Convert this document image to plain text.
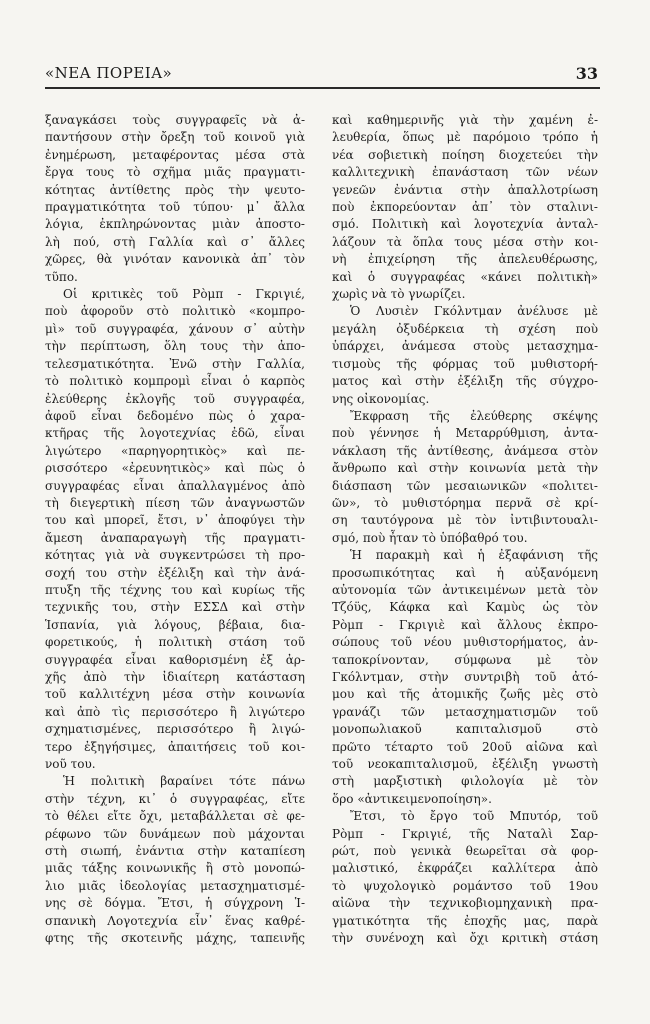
«ΝΕΑ ΠΟΡΕΙΑ»	33
ξαναγκάσει τοὺς συγγραφεῖς νὰ ἀ-
παντήσουν στὴν ὄρεξη τοῦ κοινοῦ γιὰ
ἐνημέρωση, μεταφέροντας μέσα στὰ
ἔργα τους τὸ σχῆμα μιᾶς πραγματι-
κότητας ἀντίθετης πρὸς τὴν ψευτο-
πραγματικότητα τοῦ τύπου· μ᾽ ἄλλα
λόγια, ἐκπληρώνοντας μιὰν ἀποστο-
λὴ πού, στὴ Γαλλία καὶ σ᾽ ἄλλες
χῶρες, θὰ γινόταν κανονικὰ ἀπ᾽ τὸν
τῦπο.
Οἱ κριτικὲς τοῦ Ρὸμπ - Γκριγιέ,
ποὺ ἀφοροῦν στὸ πολιτικὸ «κομπρο-
μὶ» τοῦ συγγραφέα, χάνουν σ᾽ αὐτὴν
τὴν περίπτωση, ὅλη τους τὴν ἀπο-
τελεσματικότητα. Ἐνῶ στὴν Γαλλία,
τὸ πολιτικὸ κομπρομὶ εἶναι ὁ καρπὸς
ἐλεύθερης ἐκλογῆς τοῦ συγγραφέα,
ἀφοῦ εἶναι δεδομένο πὼς ὁ χαρα-
κτῆρας τῆς λογοτεχνίας ἐδῶ, εἶναι
λιγώτερο «παρηγορητικὸς» καὶ πε-
ρισσότερο «ἐρευνητικὸς» καὶ πὼς ὁ
συγγραφέας εἶναι ἀπαλλαγμένος ἀπὸ
τὴ διεγερτικὴ πίεση τῶν ἀναγνωστῶν
του καὶ μπορεῖ, ἔτσι, ν᾽ ἀποφύγει τὴν
ἄμεση ἀναπαραγωγὴ τῆς πραγματι-
κότητας γιὰ νὰ συγκεντρώσει τὴ προ-
σοχή του στὴν ἐξέλιξη καὶ τὴν ἀνά-
πτυξη τῆς τέχνης του καὶ κυρίως τῆς
τεχνικῆς του, στὴν ΕΣΣΔ καὶ στὴν
Ἱσπανία, γιὰ λόγους, βέβαια, δια-
φορετικούς, ἡ πολιτικὴ στάση τοῦ
συγγραφέα εἶναι καθορισμένη ἐξ ἀρ-
χῆς ἀπὸ τὴν ἰδιαίτερη κατάσταση
τοῦ καλλιτέχνη μέσα στὴν κοινωνία
καὶ ἀπὸ τὶς περισσότερο ἢ λιγώτερο
σχηματισμένες, περισσότερο ἢ λιγώ-
τερο ἐξηγήσιμες, ἀπαιτήσεις τοῦ κοι-
νοῦ του.
Ἡ πολιτικὴ βαραίνει τότε πάνω
στὴν τέχνη, κι᾽ ὁ συγγραφέας, εἴτε
τὸ θέλει εἴτε ὄχι, μεταβάλλεται σὲ φε-
ρέφωνο τῶν δυνάμεων ποὺ μάχονται
στὴ σιωπή, ἐνάντια στὴν καταπίεση
μιᾶς τάξης κοινωνικῆς ἢ στὸ μονοπώ-
λιο μιᾶς ἰδεολογίας μετασχηματισμέ-
νης σὲ δόγμα. Ἔτσι, ἡ σύγχρονη Ἱ-
σπανικὴ Λογοτεχνία εἶν᾽ ἕνας καθρέ-
φτης τῆς σκοτεινῆς μάχης, ταπεινῆς
καὶ καθημερινῆς γιὰ τὴν χαμένη ἐ-
λευθερία, ὅπως μὲ παρόμοιο τρόπο ἡ
νέα σοβιετικὴ ποίηση διοχετεύει τὴν
καλλιτεχνικὴ ἐπανάσταση τῶν νέων
γενεῶν ἐνάντια στὴν ἀπαλλοτρίωση
ποὺ ἐκπορεύονταν ἀπ᾽ τὸν σταλινι-
σμό. Πολιτικὴ καὶ λογοτεχνία ἀνταλ-
λάζουν τὰ ὅπλα τους μέσα στὴν κοι-
νὴ ἐπιχείρηση τῆς ἀπελευθέρωσης,
καὶ ὁ συγγραφέας «κάνει πολιτικὴ»
χωρὶς νὰ τὸ γνωρίζει.
Ὁ Λυσιὲν Γκόλντμαν ἀνέλυσε μὲ
μεγάλη ὀξυδέρκεια τὴ σχέση ποὺ
ὑπάρχει, ἀνάμεσα στοὺς μετασχημα-
τισμοὺς τῆς φόρμας τοῦ μυθιστορή-
ματος καὶ στὴν ἐξέλιξη τῆς σύγχρο-
νης οἰκονομίας.
Ἔκφραση τῆς ἐλεύθερης σκέψης
ποὺ γέννησε ἡ Μεταρρύθμιση, ἀντα-
νάκλαση τῆς ἀντίθεσης, ἀνάμεσα στὸν
ἄνθρωπο καὶ στὴν κοινωνία μετὰ τὴν
διάσπαση τῶν μεσαιωνικῶν «πολιτει-
ῶν», τὸ μυθιστόρημα περνᾶ σὲ κρί-
ση ταυτόγρονα μὲ τὸν ἰντιβιντουαλι-
σμό, ποὺ ἦταν τὸ ὑπόβαθρό του.
Ἡ παρακμὴ καὶ ἡ ἐξαφάνιση τῆς
προσωπικότητας καὶ ἡ αὐξανόμενη
αὐτονομία τῶν ἀντικειμένων μετὰ τὸν
Τζόϋς, Κάφκα καὶ Καμὺς ὡς τὸν
Ρὸμπ - Γκριγιὲ καὶ ἄλλους ἐκπρο-
σώπους τοῦ νέου μυθιστορήματος, ἀν-
ταποκρίνονταν, σύμφωνα μὲ τὸν
Γκόλντμαν, στὴν συντριβὴ τοῦ ἀτό-
μου καὶ τῆς ἀτομικῆς ζωῆς μὲς στὸ
γρανάζι τῶν μετασχηματισμῶν τοῦ
μονοπωλιακοῦ καπιταλισμοῦ στὸ
πρῶτο τέταρτο τοῦ 20οῦ αἰῶνα καὶ
τοῦ νεοκαπιταλισμοῦ, ἐξέλιξη γνωστὴ
στὴ μαρξιστικὴ φιλολογία μὲ τὸν
ὅρο «ἀντικειμενοποίηση».
Ἔτσι, τὸ ἔργο τοῦ Μπυτόρ, τοῦ
Ρὸμπ - Γκριγιέ, τῆς Ναταλὶ Σαρ-
ρώτ, ποὺ γενικὰ θεωρεῖται σὰ φορ-
μαλιστικό, ἐκφράζει καλλίτερα ἀπὸ
τὸ ψυχολογικὸ ρομάντσο τοῦ 19ου
αἰῶνα τὴν τεχνικοβιομηχανικὴ πρα-
γματικότητα τῆς ἐποχῆς μας, παρὰ
τὴν συνένοχη καὶ ὄχι κριτικὴ στάση
